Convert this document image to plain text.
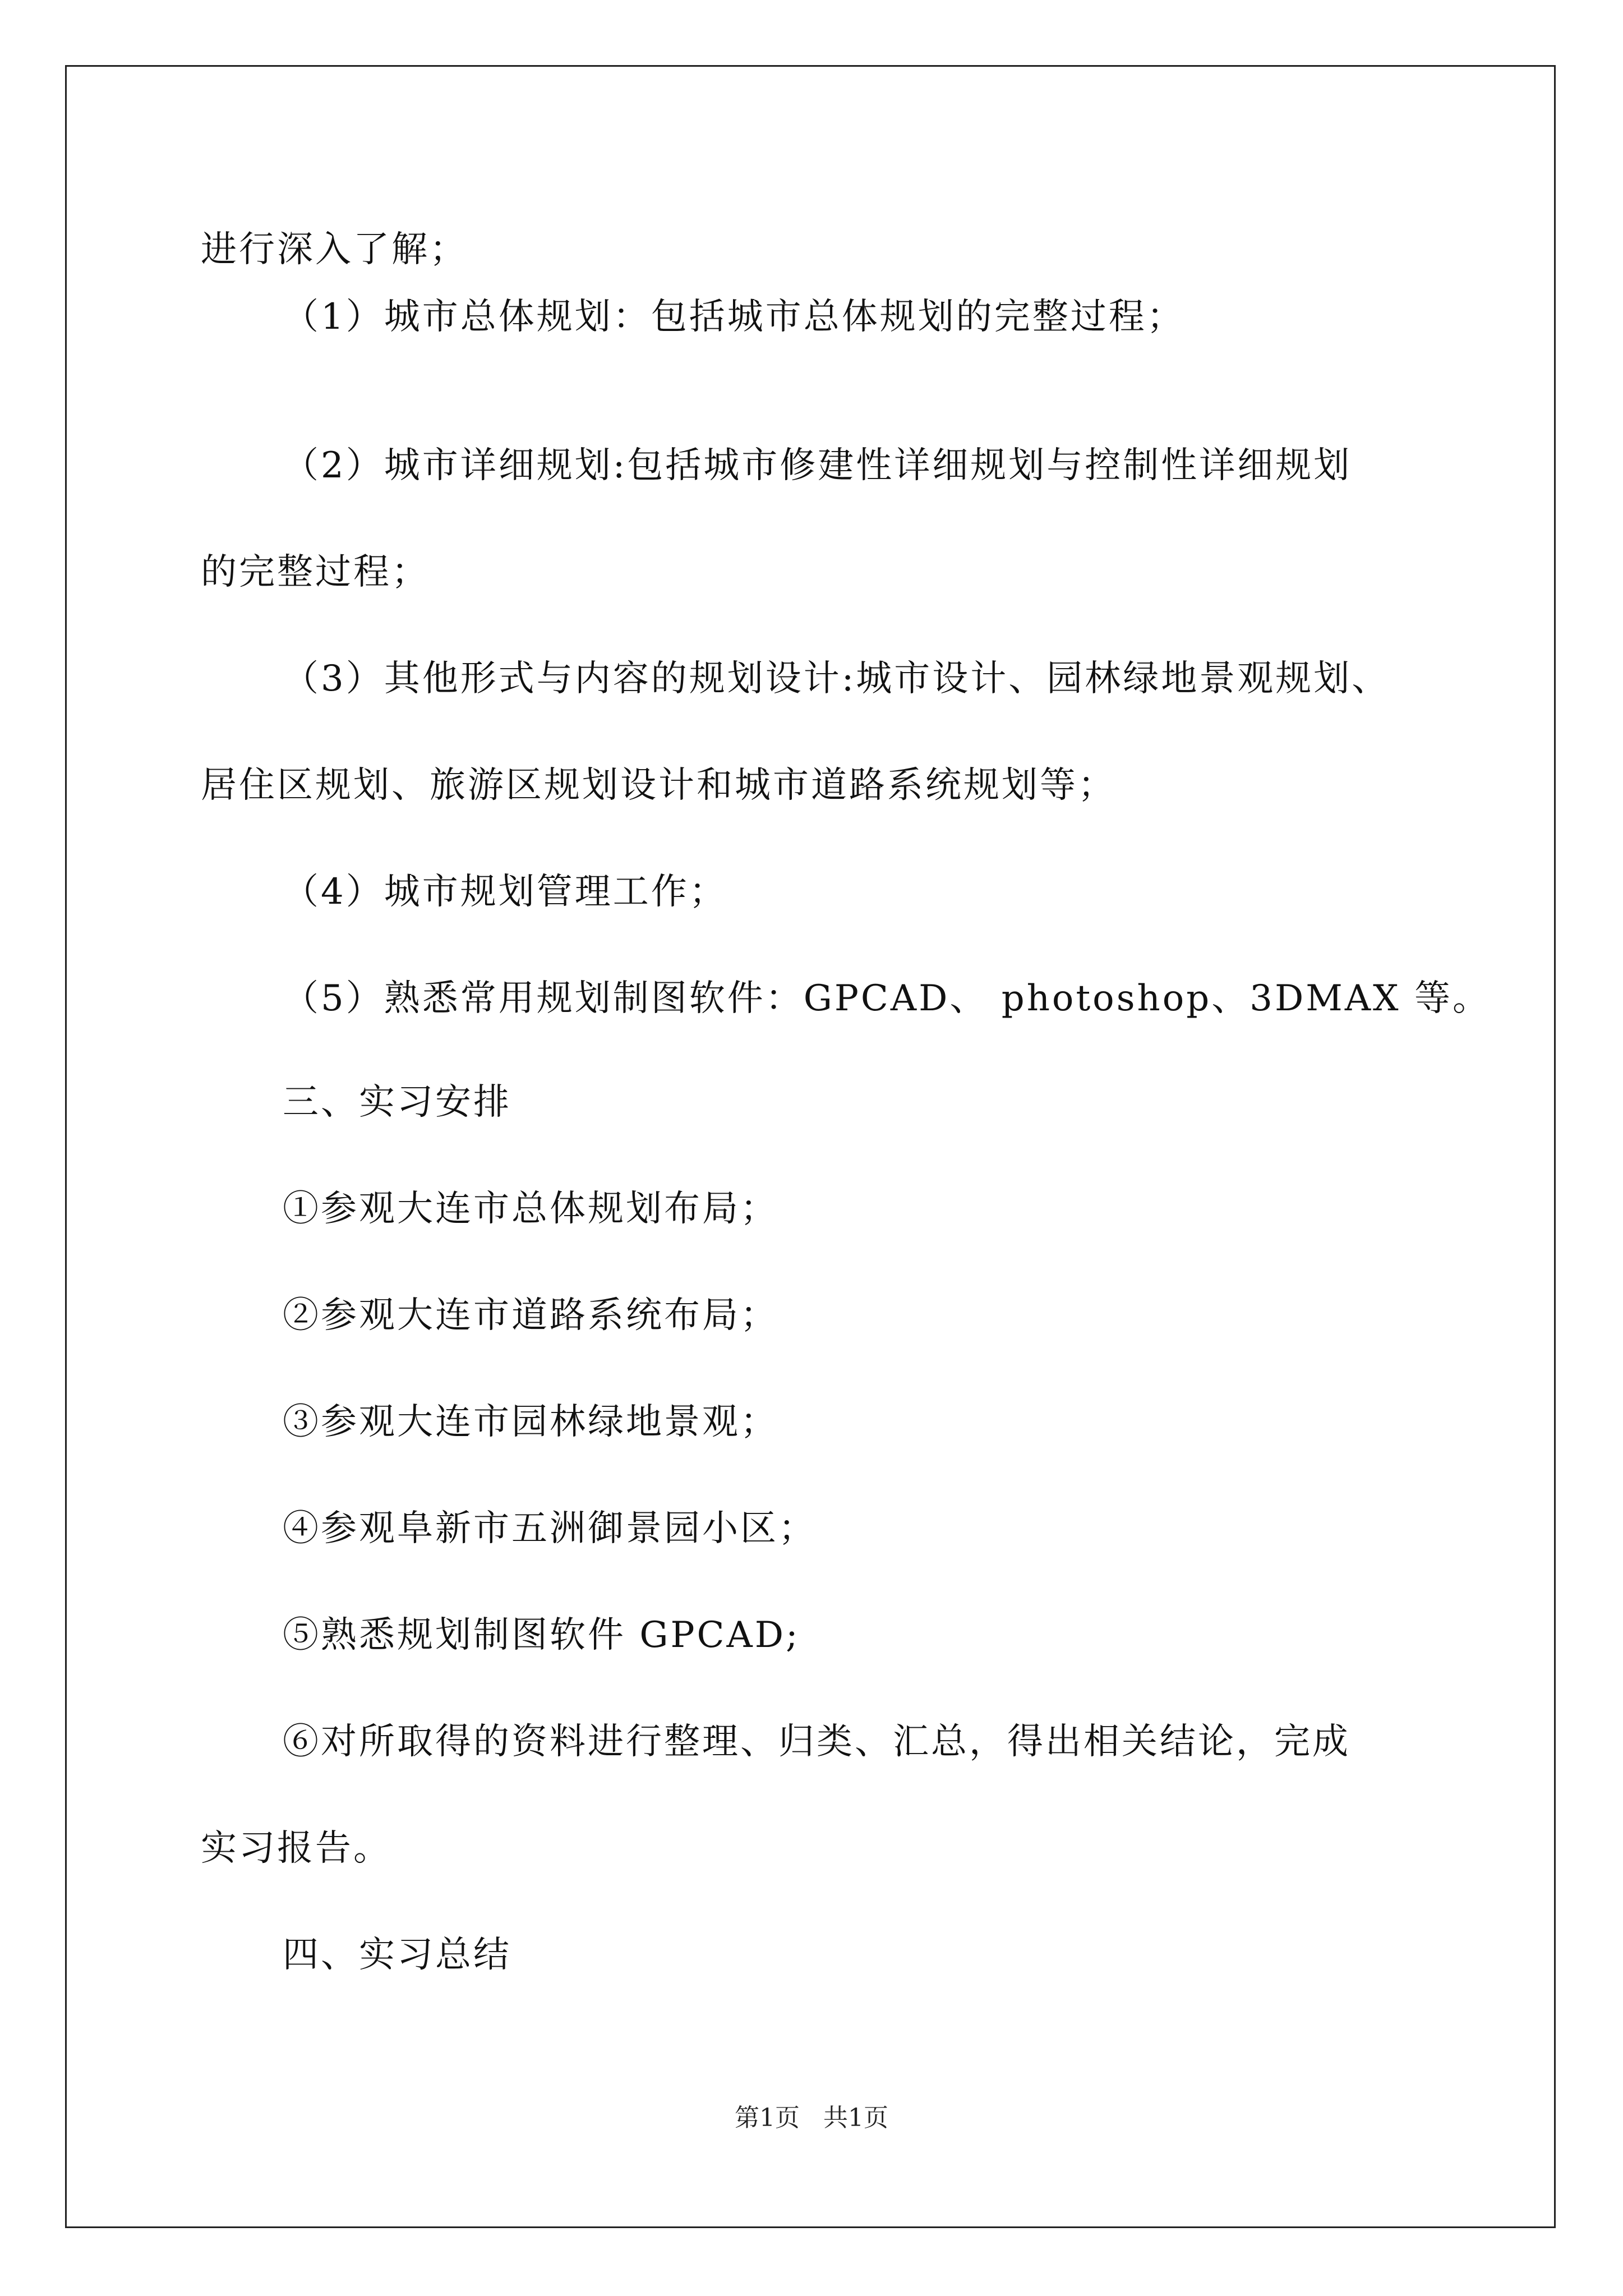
进行深入了解；
（1）城市总体规划：包括城市总体规划的完整过程；
（2）城市详细规划:包括城市修建性详细规划与控制性详细规划
的完整过程；
（3）其他形式与内容的规划设计:城市设计、园林绿地景观规划、
居住区规划、旅游区规划设计和城市道路系统规划等；
（4）城市规划管理工作；
（5）熟悉常用规划制图软件：GPCAD、 photoshop、3DMAX 等。
三、实习安排
①参观大连市总体规划布局；
②参观大连市道路系统布局；
③参观大连市园林绿地景观；
④参观阜新市五洲御景园小区；
⑤熟悉规划制图软件 GPCAD;
⑥对所取得的资料进行整理、归类、汇总，得出相关结论，完成
实习报告。
四、实习总结
第1页   共1页
